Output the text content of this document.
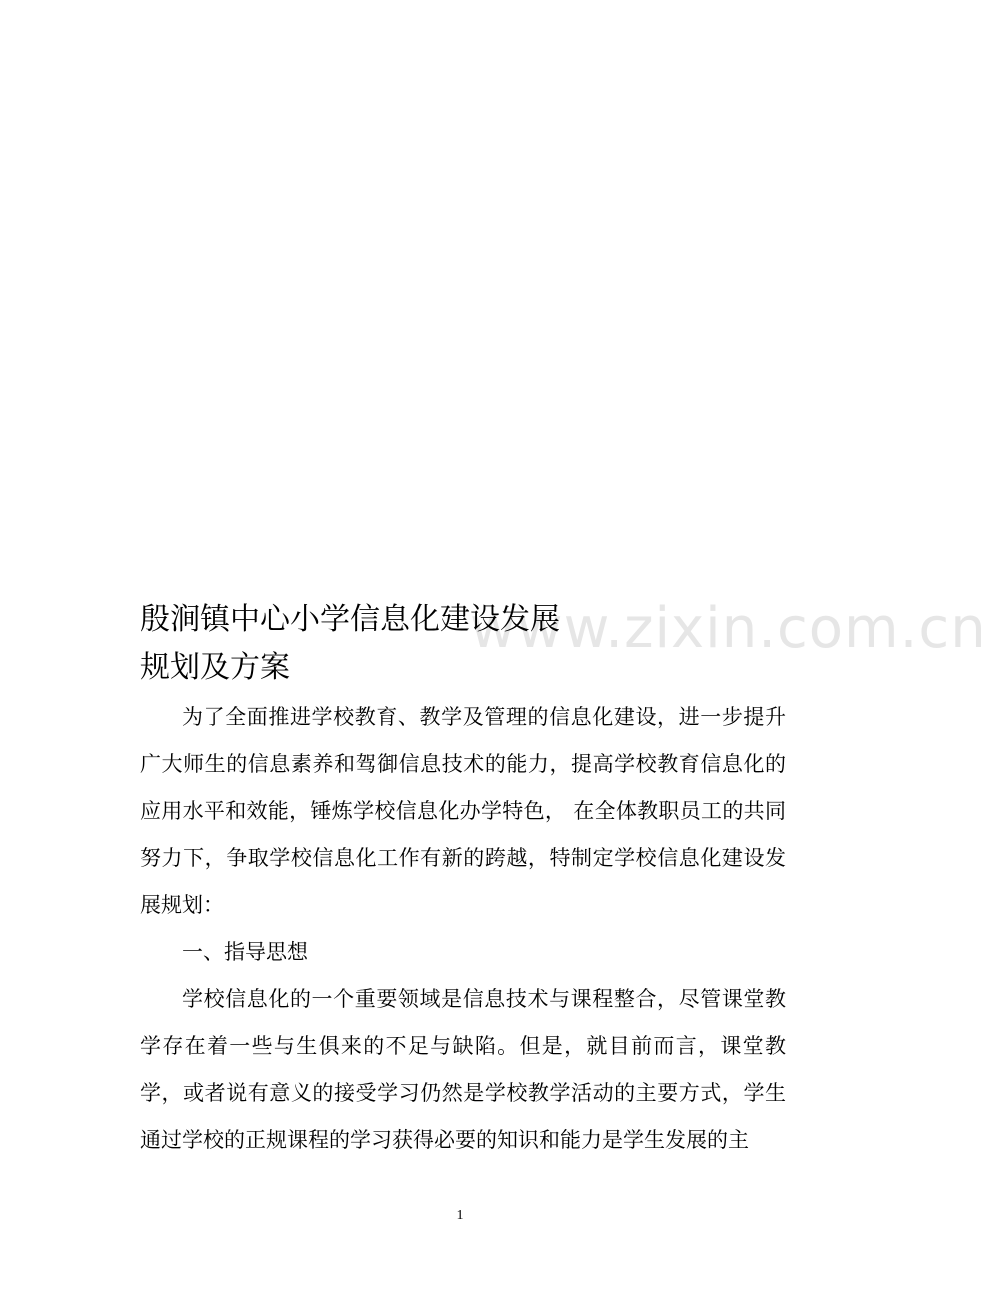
www.zixin.com.cn
殷涧镇中心小学信息化建设发展
规划及方案

为了全面推进学校教育、教学及管理的信息化建设，进一步提升广大师生的信息素养和驾御信息技术的能力，提高学校教育信息化的应用水平和效能，锤炼学校信息化办学特色， 在全体教职员工的共同努力下，争取学校信息化工作有新的跨越，特制定学校信息化建设发展规划：

一、指导思想

学校信息化的一个重要领域是信息技术与课程整合，尽管课堂教学存在着一些与生俱来的不足与缺陷。但是，就目前而言，课堂教学，或者说有意义的接受学习仍然是学校教学活动的主要方式，学生通过学校的正规课程的学习获得必要的知识和能力是学生发展的主

1
